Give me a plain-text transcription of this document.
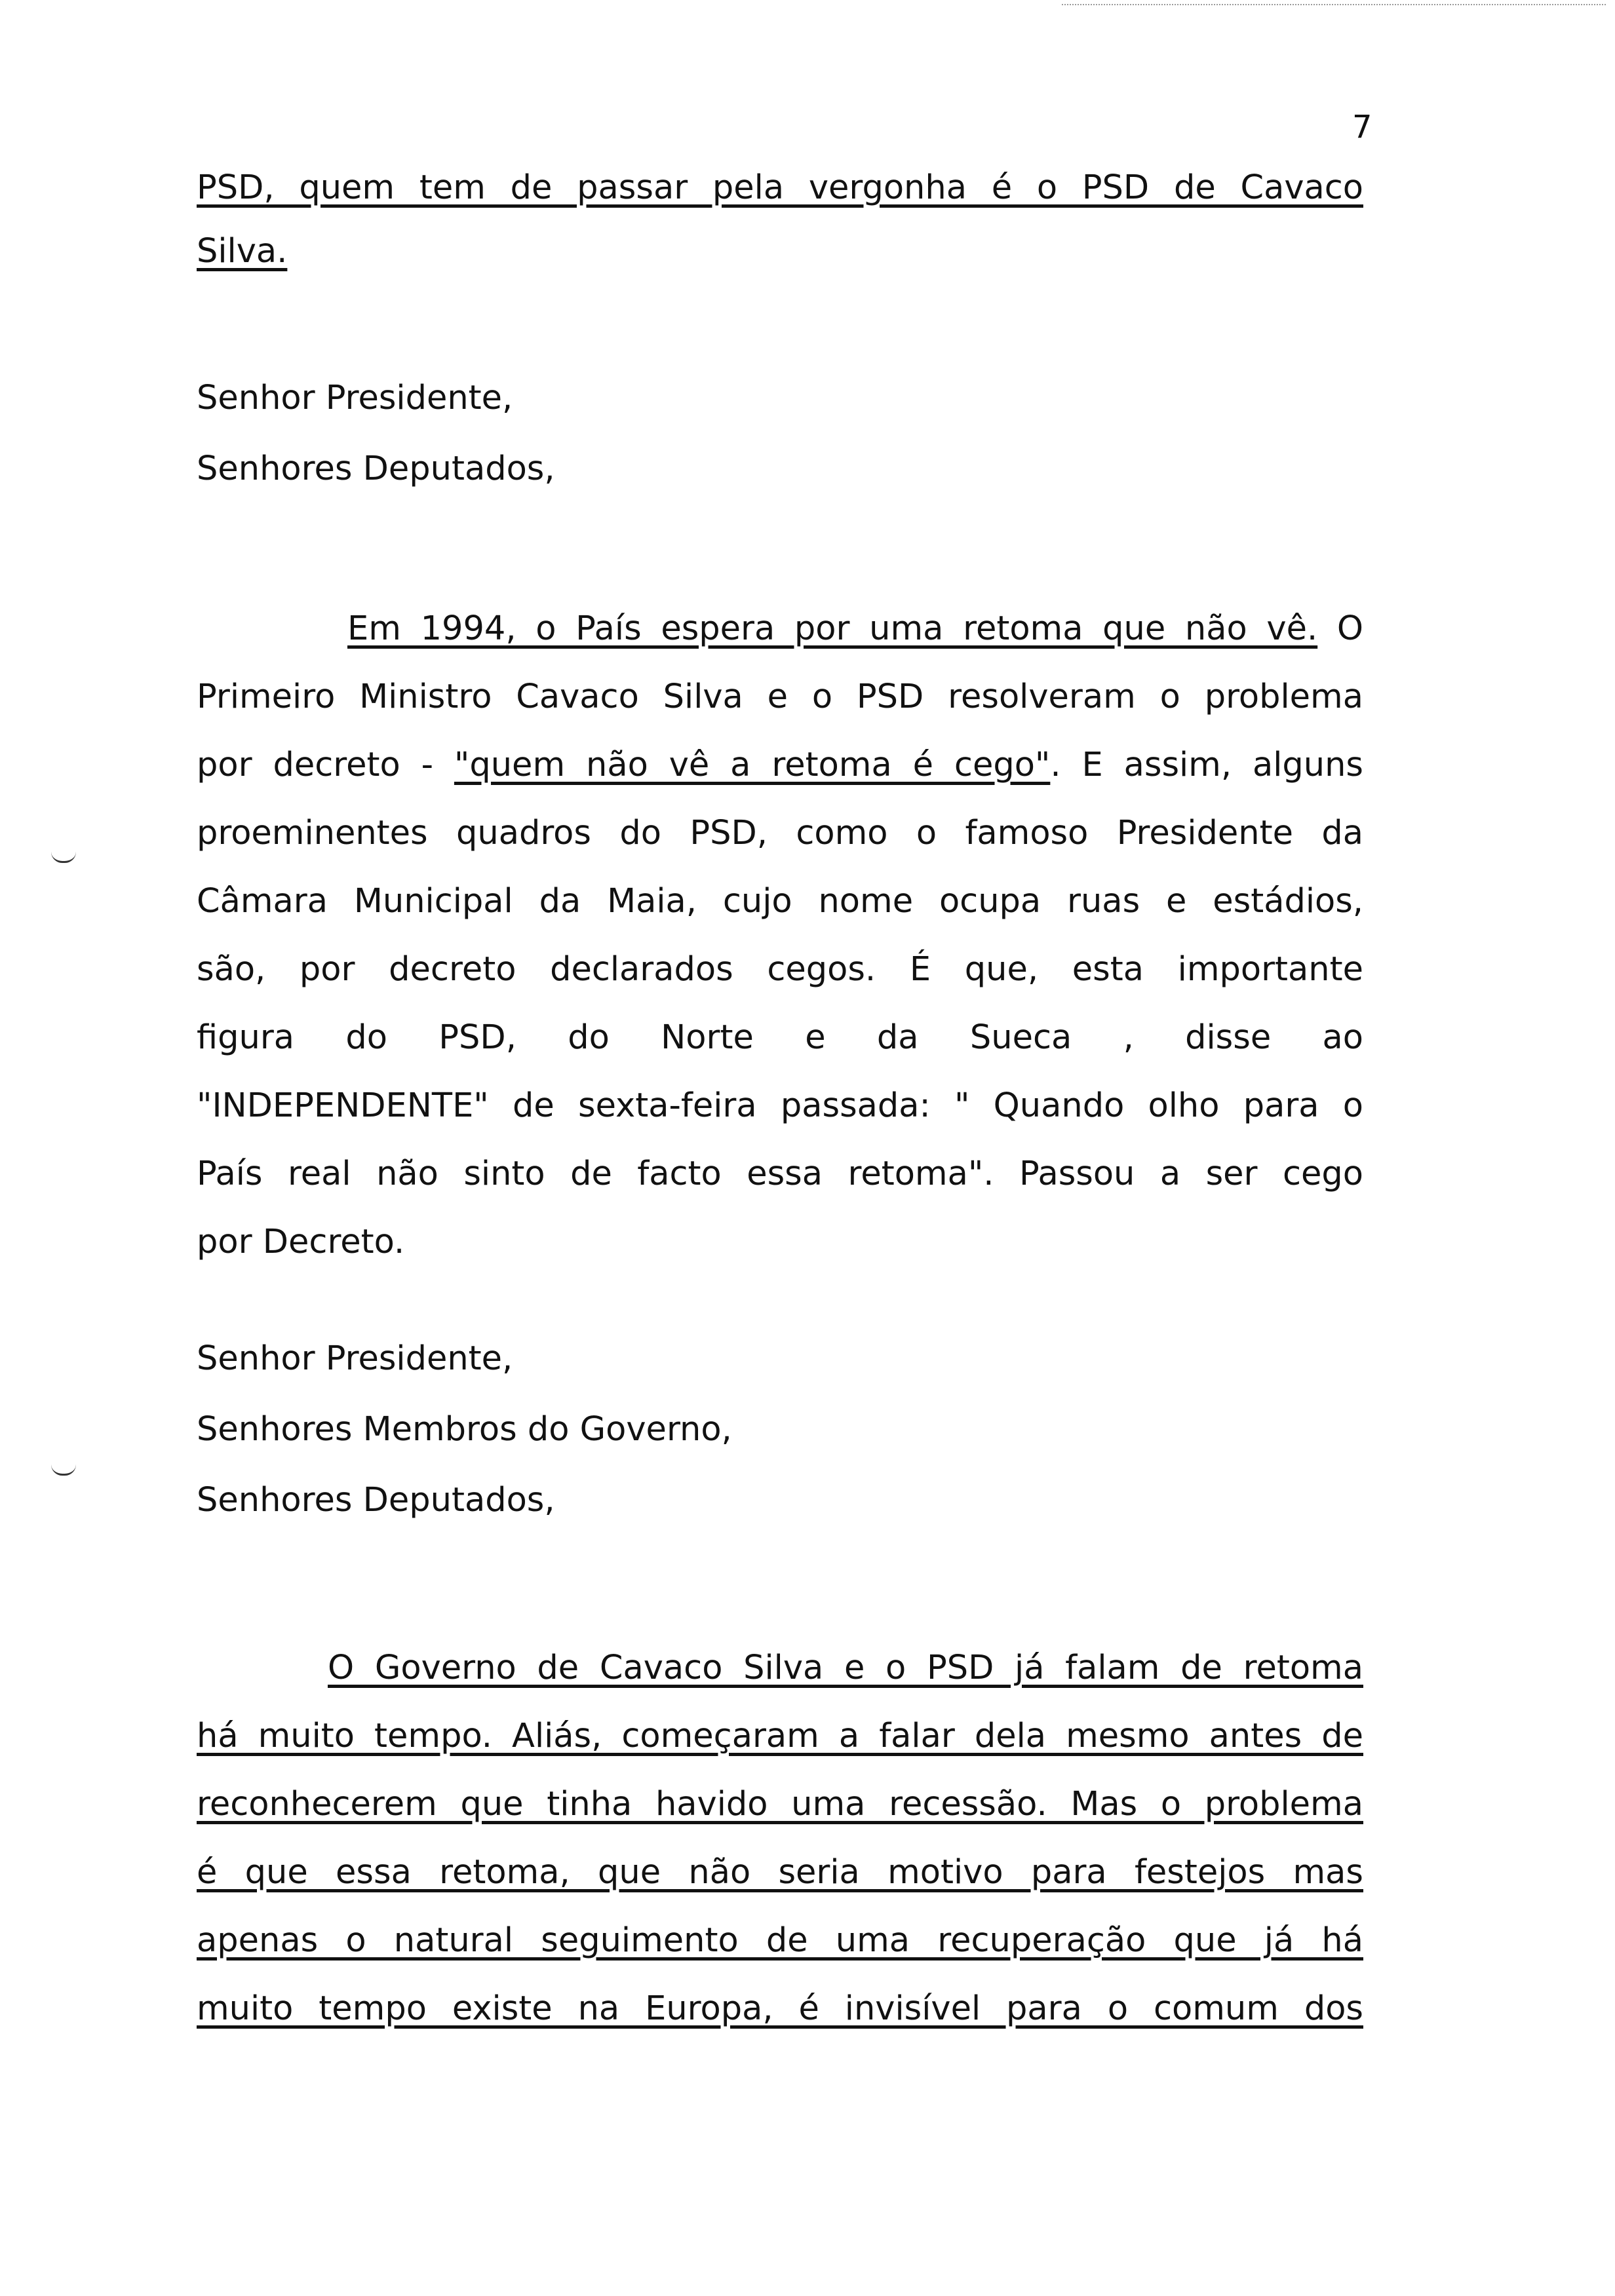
7
PSD, quem tem de passar pela vergonha é o PSD de Cavaco
Silva.
Senhor Presidente,
Senhores Deputados,
Em 1994, o País espera por uma retoma que não vê. O
Primeiro Ministro Cavaco Silva e o PSD resolveram o problema
por decreto - "quem não vê a retoma é cego". E assim, alguns
proeminentes quadros do PSD, como o famoso Presidente da
Câmara Municipal da Maia, cujo nome ocupa ruas e estádios,
são, por decreto declarados cegos. É que, esta importante
figura do PSD, do Norte e da Sueca , disse ao
"INDEPENDENTE" de sexta-feira passada: " Quando olho para o
País real não sinto de facto essa retoma". Passou a ser cego
por Decreto.
Senhor Presidente,
Senhores Membros do Governo,
Senhores Deputados,
O Governo de Cavaco Silva e o PSD já falam de retoma
há muito tempo. Aliás, começaram a falar dela mesmo antes de
reconhecerem que tinha havido uma recessão. Mas o problema
é que essa retoma, que não seria motivo para festejos mas
apenas o natural seguimento de uma recuperação que já há
muito tempo existe na Europa, é invisível para o comum dos
